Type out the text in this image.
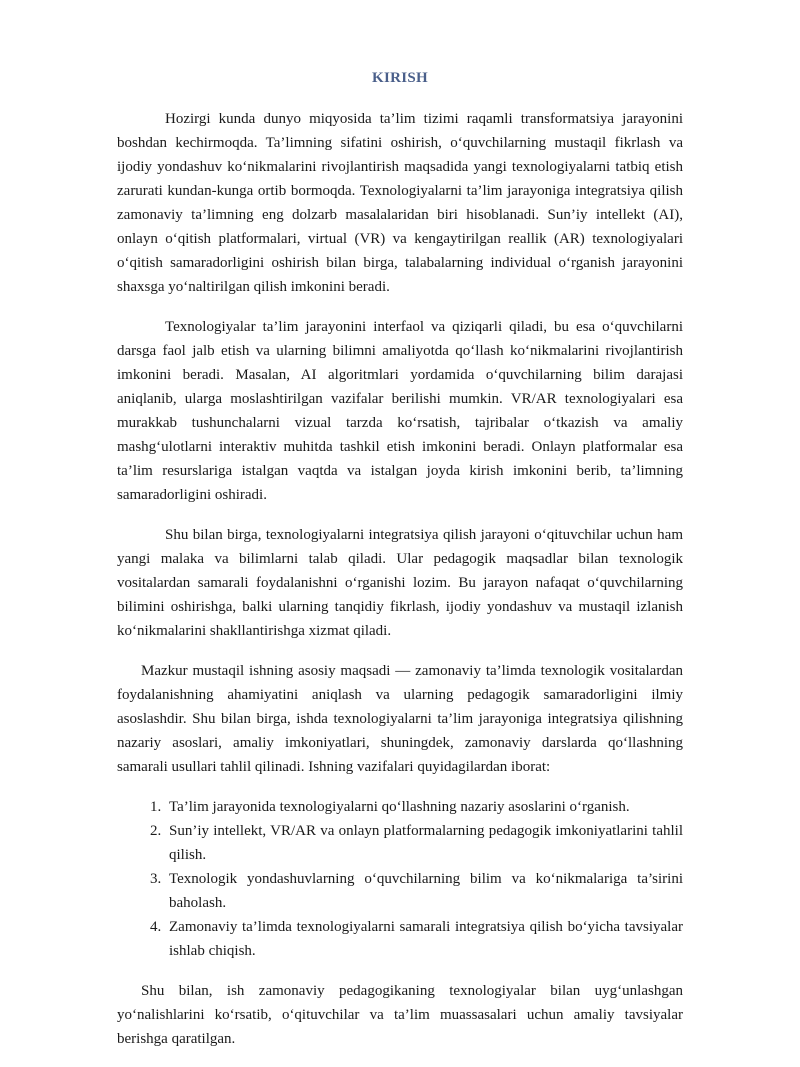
KIRISH

Hozirgi kunda dunyo miqyosida ta’lim tizimi raqamli transformatsiya jarayonini boshdan kechirmoqda. Ta’limning sifatini oshirish, o‘quvchilarning mustaqil fikrlash va ijodiy yondashuv ko‘nikmalarini rivojlantirish maqsadida yangi texnologiyalarni tatbiq etish zarurati kundan-kunga ortib bormoqda. Texnologiyalarni ta’lim jarayoniga integratsiya qilish zamonaviy ta’limning eng dolzarb masalalaridan biri hisoblanadi. Sun’iy intellekt (AI), onlayn o‘qitish platformalari, virtual (VR) va kengaytirilgan reallik (AR) texnologiyalari o‘qitish samaradorligini oshirish bilan birga, talabalarning individual o‘rganish jarayonini shaxsga yo‘naltirilgan qilish imkonini beradi.

Texnologiyalar ta’lim jarayonini interfaol va qiziqarli qiladi, bu esa o‘quvchilarni darsga faol jalb etish va ularning bilimni amaliyotda qo‘llash ko‘nikmalarini rivojlantirish imkonini beradi. Masalan, AI algoritmlari yordamida o‘quvchilarning bilim darajasi aniqlanib, ularga moslashtirilgan vazifalar berilishi mumkin. VR/AR texnologiyalari esa murakkab tushunchalarni vizual tarzda ko‘rsatish, tajribalar o‘tkazish va amaliy mashg‘ulotlarni interaktiv muhitda tashkil etish imkonini beradi. Onlayn platformalar esa ta’lim resurslariga istalgan vaqtda va istalgan joyda kirish imkonini berib, ta’limning samaradorligini oshiradi.

Shu bilan birga, texnologiyalarni integratsiya qilish jarayoni o‘qituvchilar uchun ham yangi malaka va bilimlarni talab qiladi. Ular pedagogik maqsadlar bilan texnologik vositalardan samarali foydalanishni o‘rganishi lozim. Bu jarayon nafaqat o‘quvchilarning bilimini oshirishga, balki ularning tanqidiy fikrlash, ijodiy yondashuv va mustaqil izlanish ko‘nikmalarini shakllantirishga xizmat qiladi.

Mazkur mustaqil ishning asosiy maqsadi — zamonaviy ta’limda texnologik vositalardan foydalanishning ahamiyatini aniqlash va ularning pedagogik samaradorligini ilmiy asoslashdir. Shu bilan birga, ishda texnologiyalarni ta’lim jarayoniga integratsiya qilishning nazariy asoslari, amaliy imkoniyatlari, shuningdek, zamonaviy darslarda qo‘llashning samarali usullari tahlil qilinadi. Ishning vazifalari quyidagilardan iborat:

1. Ta’lim jarayonida texnologiyalarni qo‘llashning nazariy asoslarini o‘rganish.
2. Sun’iy intellekt, VR/AR va onlayn platformalarning pedagogik imkoniyatlarini tahlil qilish.
3. Texnologik yondashuvlarning o‘quvchilarning bilim va ko‘nikmalariga ta’sirini baholash.
4. Zamonaviy ta’limda texnologiyalarni samarali integratsiya qilish bo‘yicha tavsiyalar ishlab chiqish.

Shu bilan, ish zamonaviy pedagogikaning texnologiyalar bilan uyg‘unlashgan yo‘nalishlarini ko‘rsatib, o‘qituvchilar va ta’lim muassasalari uchun amaliy tavsiyalar berishga qaratilgan.
